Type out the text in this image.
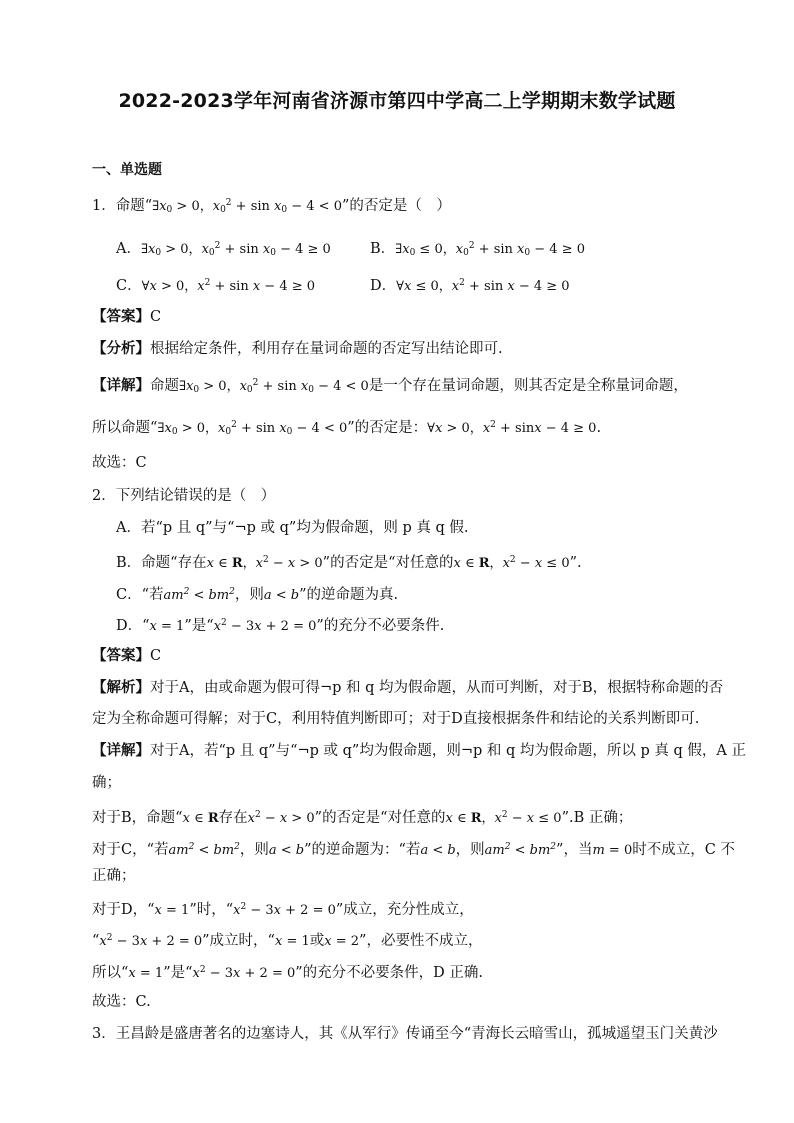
2022-2023学年河南省济源市第四中学高二上学期期末数学试题
一、单选题
1．命题“$\exists x_0 > 0$，$x_0^2 + \sin x_0 - 4 < 0$”的否定是（　）
A．$\exists x_0 > 0$，$x_0^2 + \sin x_0 - 4 \ge 0$	B．$\exists x_0 \le 0$，$x_0^2 + \sin x_0 - 4 \ge 0$
C．∀x > 0，$x^2 + \sin x - 4 \ge 0$	D．∀x ≤ 0，$x^2 + \sin x - 4 \ge 0$
【答案】C
【分析】根据给定条件，利用存在量词命题的否定写出结论即可.
【详解】命题$\exists x_0 > 0$，$x_0^2 + \sin x_0 - 4 < 0$是一个存在量词命题，则其否定是全称量词命题，
所以命题“$\exists x_0 > 0$，$x_0^2 + \sin x_0 - 4 < 0$”的否定是：∀x > 0，$x^2 + \sin x - 4 \ge 0$.
故选：C
2．下列结论错误的是（　）
A．若“p 且 q”与“¬p 或 q”均为假命题，则 p 真 q 假.
B．命题“存在x ∈ R，$x^2 - x > 0$”的否定是“对任意的x ∈ R，$x^2 - x \le 0$”.
C．“若$am^2 < bm^2$，则a < b”的逆命题为真.
D．“x = 1”是“$x^2 - 3x + 2 = 0$”的充分不必要条件.
【答案】C
【解析】对于A，由或命题为假可得¬p 和 q 均为假命题，从而可判断，对于B，根据特称命题的否
定为全称命题可得解；对于C，利用特值判断即可；对于D直接根据条件和结论的关系判断即可.
【详解】对于A，若“p 且 q”与“¬p 或 q”均为假命题，则¬p 和 q 均为假命题，所以 p 真 q 假，A 正
确；
对于B，命题“x ∈ R存在$x^2 - x > 0$”的否定是“对任意的x ∈ R，$x^2 - x$ ≤ 0”.B 正确；
对于C，“若$am^2 < bm^2$，则a < b”的逆命题为：“若a < b，则$am^2 < bm^2$”，当m = 0时不成立，C 不
正确；
对于D，“x = 1”时，“$x^2 - 3x + 2 = 0$”成立，充分性成立，
“$x^2 - 3x + 2 = 0$”成立时，“x = 1或x = 2”，必要性不成立，
所以“x = 1”是“$x^2 - 3x + 2 = 0$”的充分不必要条件，D 正确.
故选：C.
3．王昌龄是盛唐著名的边塞诗人，其《从军行》传诵至今“青海长云暗雪山，孤城遥望玉门关黄沙
